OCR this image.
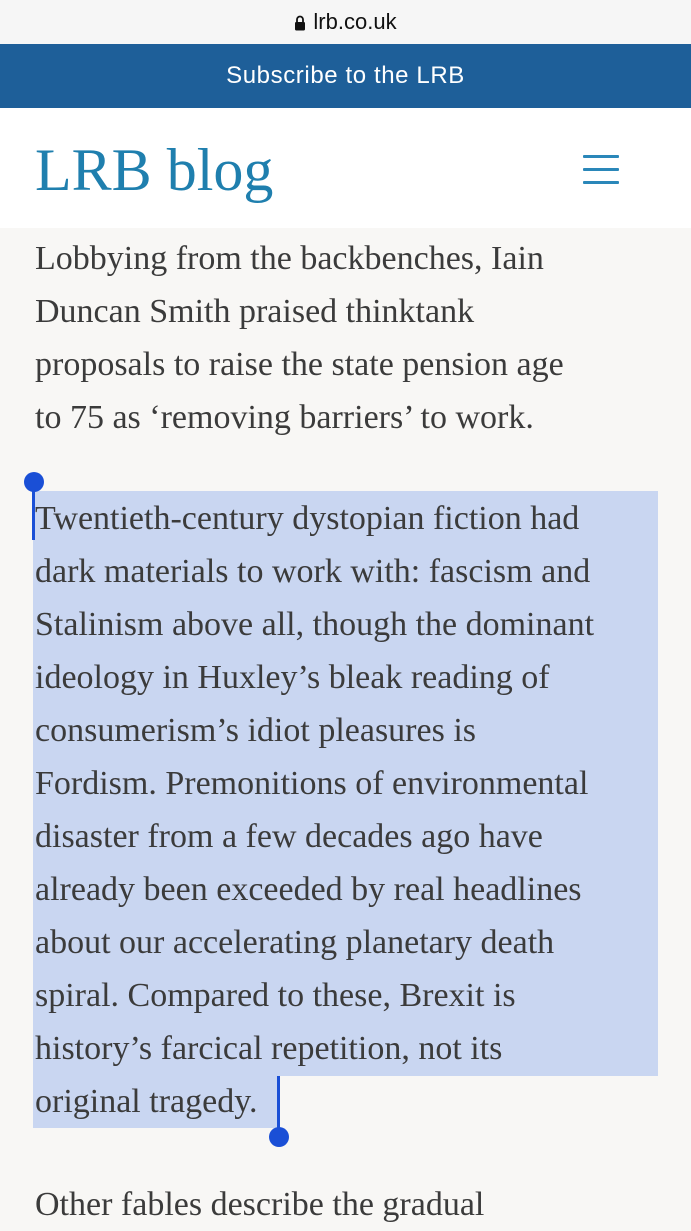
lrb.co.uk
Subscribe to the LRB
LRB blog

Lobbying from the backbenches, Iain

Duncan Smith praised thinktank

proposals to raise the state pension age

to 75 as ‘removing barriers’ to work.

Twentieth-century dystopian fiction had

dark materials to work with: fascism and

Stalinism above all, though the dominant

ideology in Huxley’s bleak reading of

consumerism’s idiot pleasures is

Fordism. Premonitions of environmental

disaster from a few decades ago have

already been exceeded by real headlines

about our accelerating planetary death

spiral. Compared to these, Brexit is

history’s farcical repetition, not its

original tragedy.

Other fables describe the gradual
